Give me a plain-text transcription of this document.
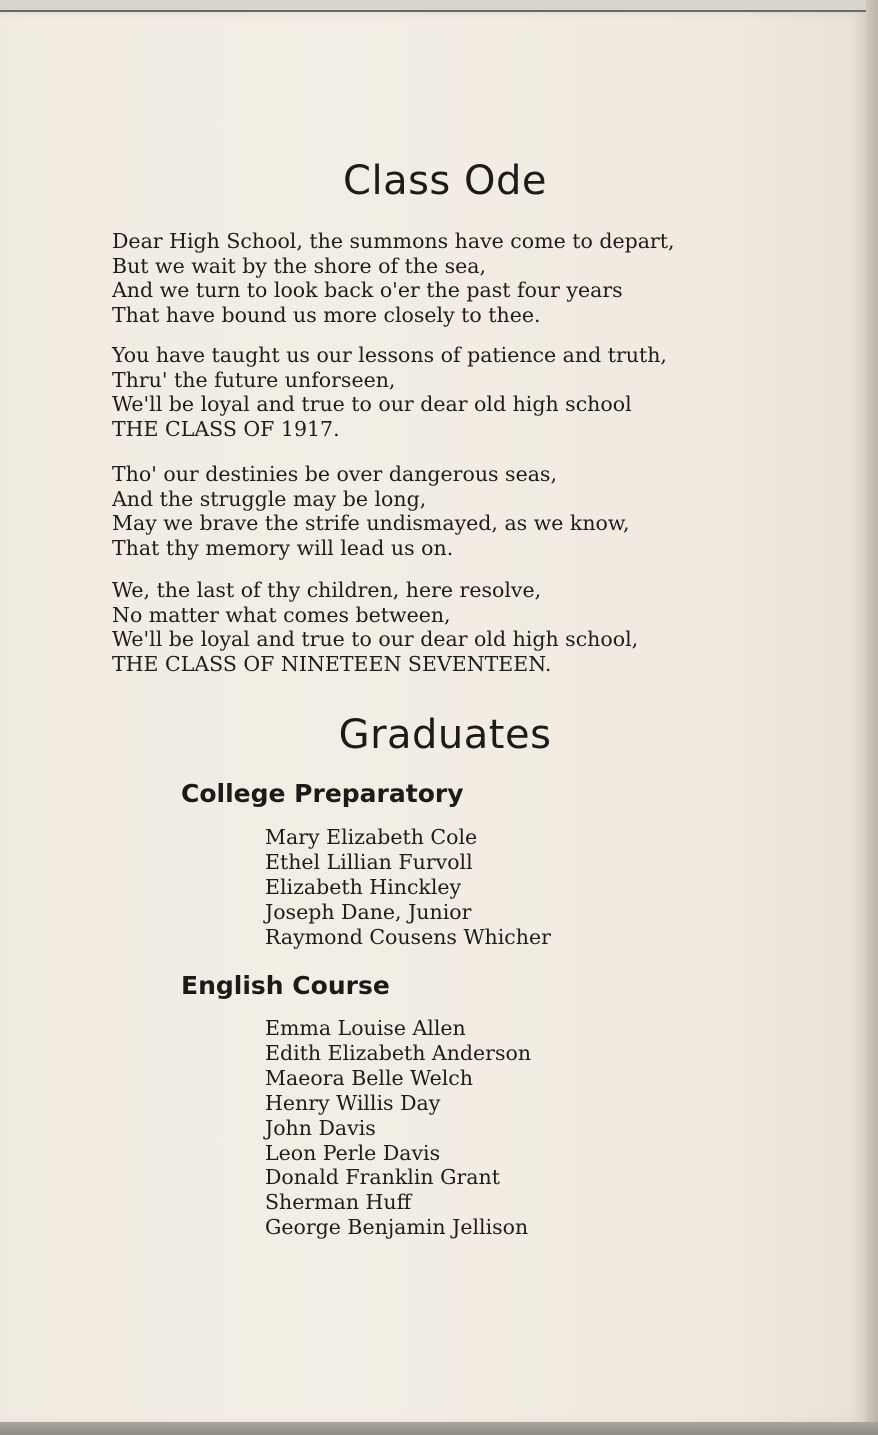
Class Ode
Dear High School, the summons have come to depart,
But we wait by the shore of the sea,
And we turn to look back o'er the past four years
That have bound us more closely to thee.
You have taught us our lessons of patience and truth,
Thru' the future unforseen,
We'll be loyal and true to our dear old high school
THE CLASS OF 1917.
Tho' our destinies be over dangerous seas,
And the struggle may be long,
May we brave the strife undismayed, as we know,
That thy memory will lead us on.
We, the last of thy children, here resolve,
No matter what comes between,
We'll be loyal and true to our dear old high school,
THE CLASS OF NINETEEN SEVENTEEN.
Graduates
College Preparatory
Mary Elizabeth Cole
Ethel Lillian Furvoll
Elizabeth Hinckley
Joseph Dane, Junior
Raymond Cousens Whicher
English Course
Emma Louise Allen
Edith Elizabeth Anderson
Maeora Belle Welch
Henry Willis Day
John Davis
Leon Perle Davis
Donald Franklin Grant
Sherman Huff
George Benjamin Jellison
